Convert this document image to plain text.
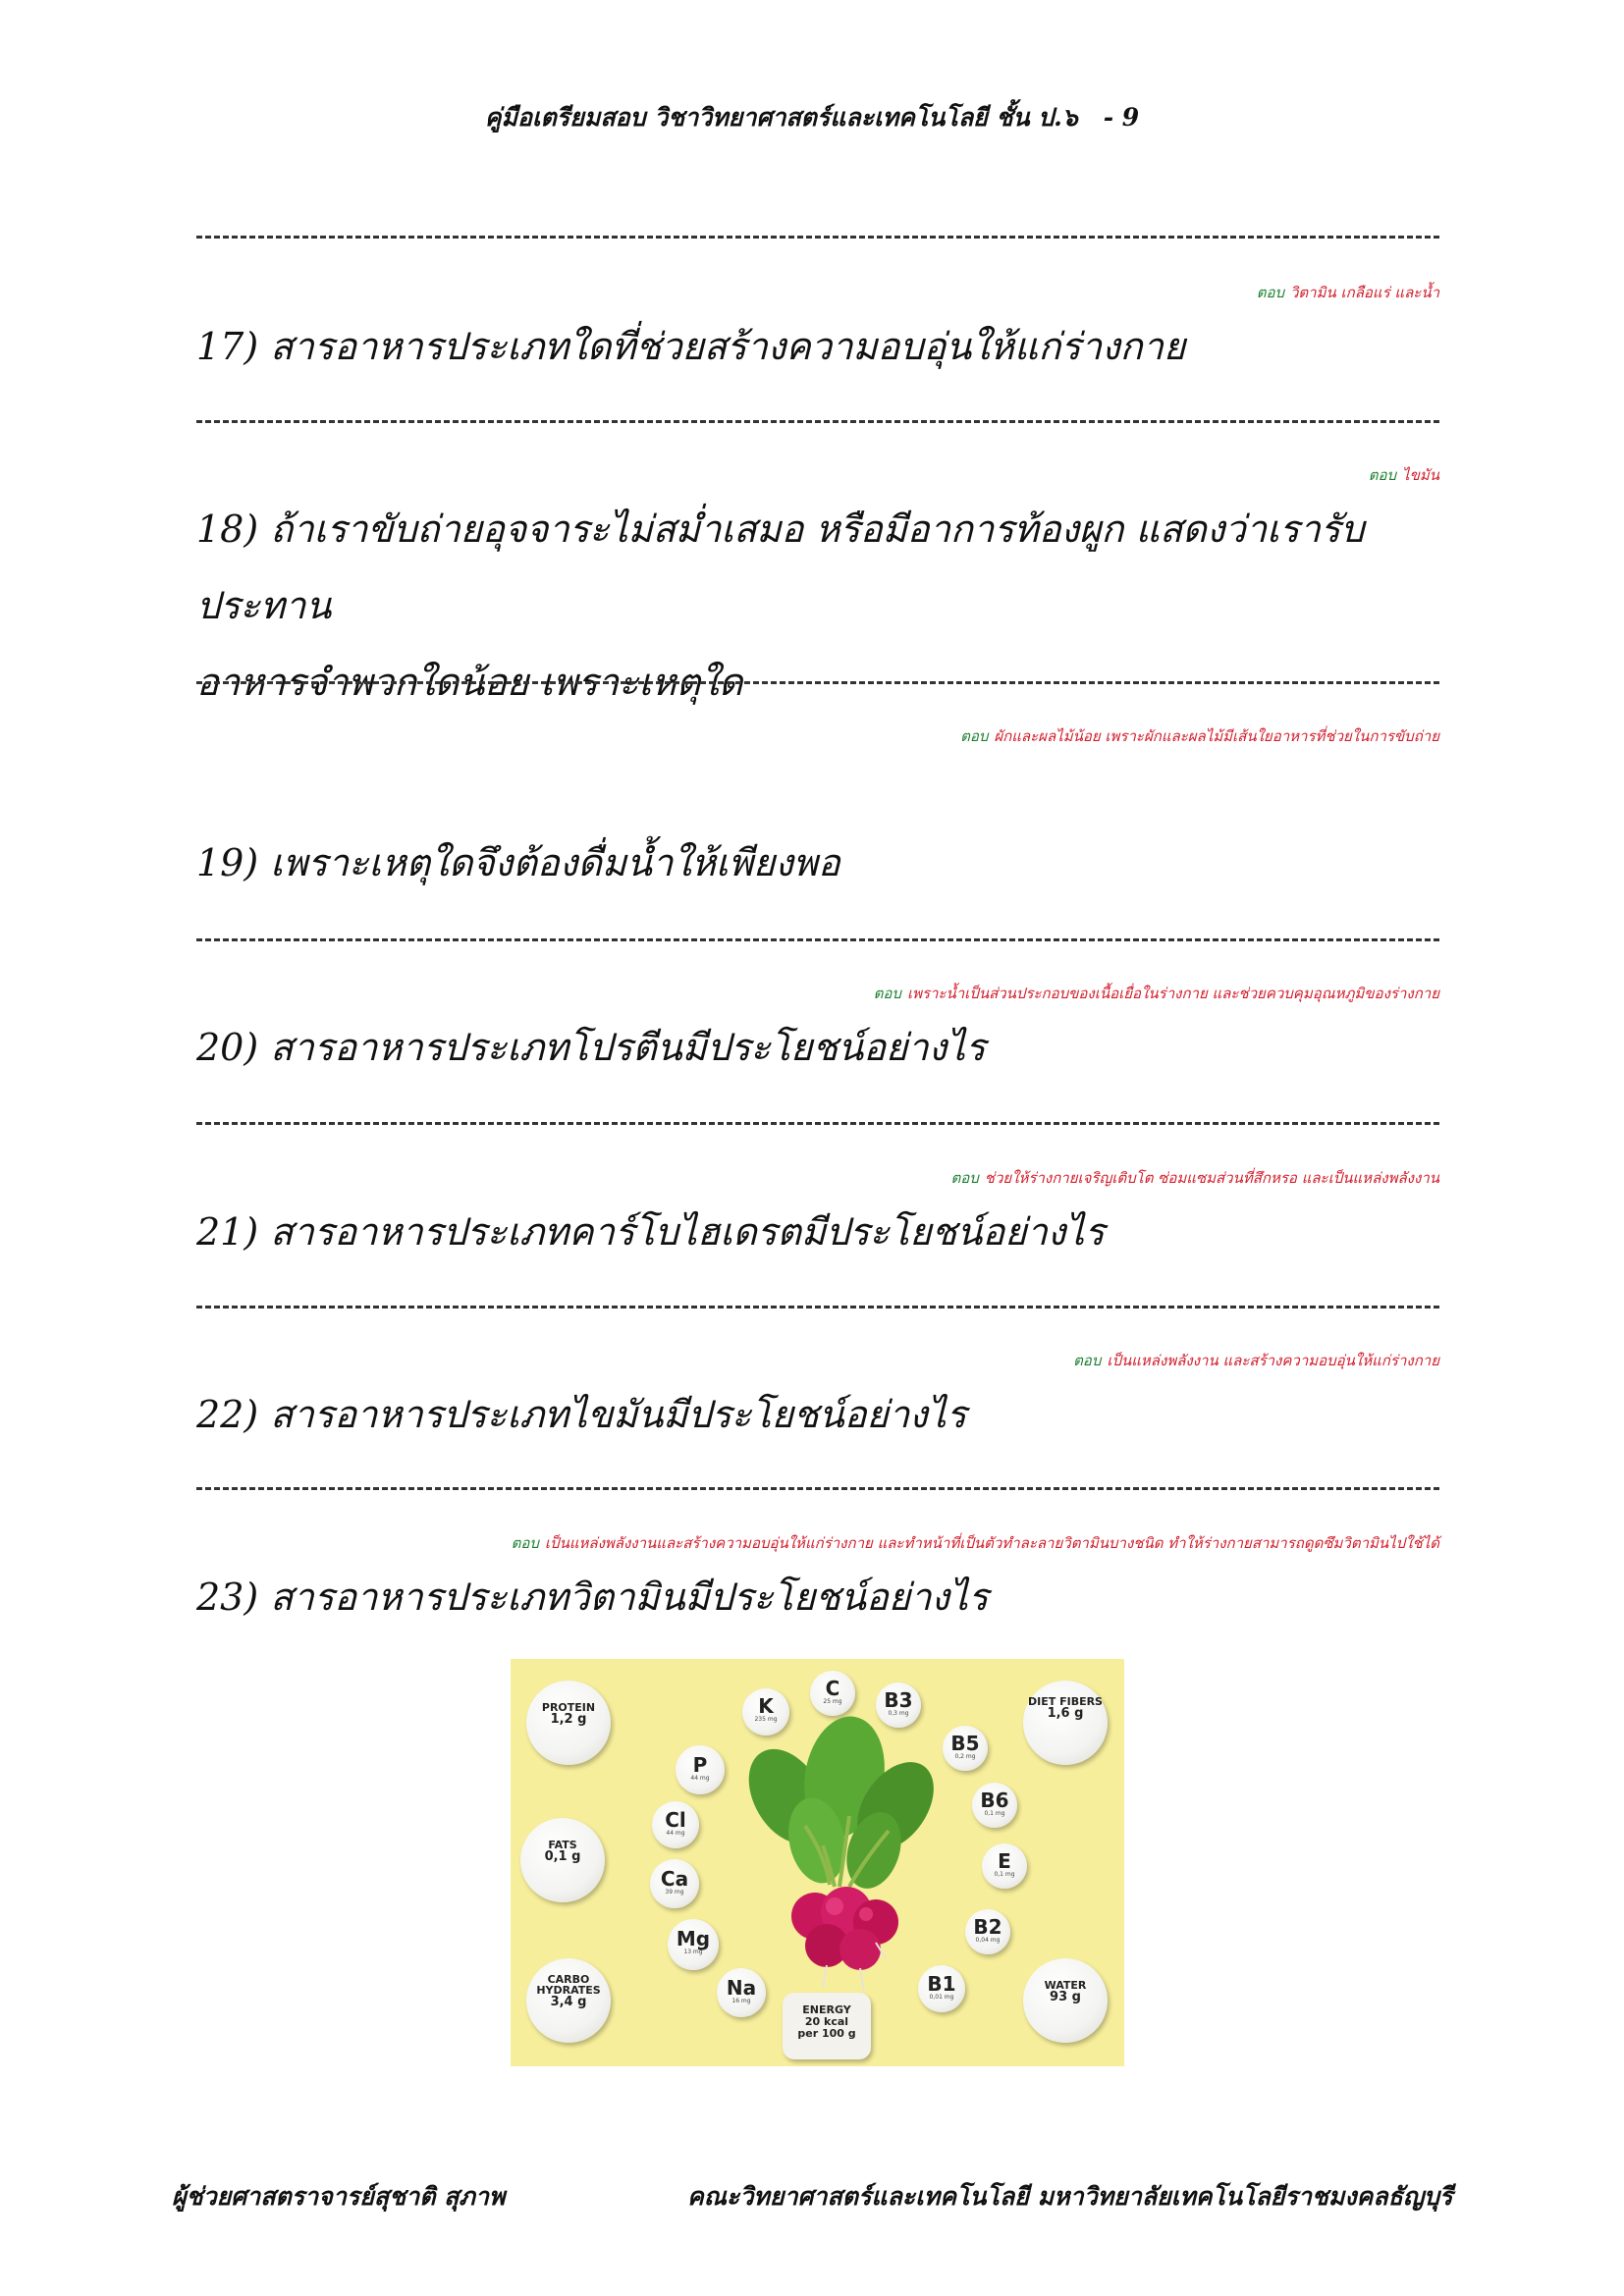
คู่มือเตรียมสอบ วิชาวิทยาศาสตร์และเทคโนโลยี ชั้น ป.๖ - 9
ตอบ วิตามิน เกลือแร่ และน้ำ
17) สารอาหารประเภทใดที่ช่วยสร้างความอบอุ่นให้แก่ร่างกาย
ตอบ ไขมัน
18) ถ้าเราขับถ่ายอุจจาระไม่สม่ำเสมอ หรือมีอาการท้องผูก แสดงว่าเรารับประทาน
อาหารจำพวกใดน้อย เพราะเหตุใด
ตอบ ผักและผลไม้น้อย เพราะผักและผลไม้มีเส้นใยอาหารที่ช่วยในการขับถ่าย
19) เพราะเหตุใดจึงต้องดื่มน้ำให้เพียงพอ
ตอบ เพราะน้ำเป็นส่วนประกอบของเนื้อเยื่อในร่างกาย และช่วยควบคุมอุณหภูมิของร่างกาย
20) สารอาหารประเภทโปรตีนมีประโยชน์อย่างไร
ตอบ ช่วยให้ร่างกายเจริญเติบโต ซ่อมแซมส่วนที่สึกหรอ และเป็นแหล่งพลังงาน
21) สารอาหารประเภทคาร์โบไฮเดรตมีประโยชน์อย่างไร
ตอบ เป็นแหล่งพลังงาน และสร้างความอบอุ่นให้แก่ร่างกาย
22) สารอาหารประเภทไขมันมีประโยชน์อย่างไร
ตอบ เป็นแหล่งพลังงานและสร้างความอบอุ่นให้แก่ร่างกาย และทำหน้าที่เป็นตัวทำละลายวิตามินบางชนิด ทำให้ร่างกายสามารถดูดซึมวิตามินไปใช้ได้
23) สารอาหารประเภทวิตามินมีประโยชน์อย่างไร
PROTEIN
1,2 g
DIET FIBERS
1,6 g
FATS
0,1 g
CARBO HYDRATES
3,4 g
WATER
93 g
K
235 mg
C
25 mg	B3
0,3 mg
P
44 mg
B5
0,2 mg
Cl
44 mg
B6
0,1 mg
Ca
39 mg
E
0,1 mg
Mg
13 mg
B2
0,04 mg
Na
16 mg
B1
0,01 mg
ENERGY
20 kcal
per 100 g
ผู้ช่วยศาสตราจารย์สุชาติ สุภาพ	คณะวิทยาศาสตร์และเทคโนโลยี มหาวิทยาลัยเทคโนโลยีราชมงคลธัญบุรี
